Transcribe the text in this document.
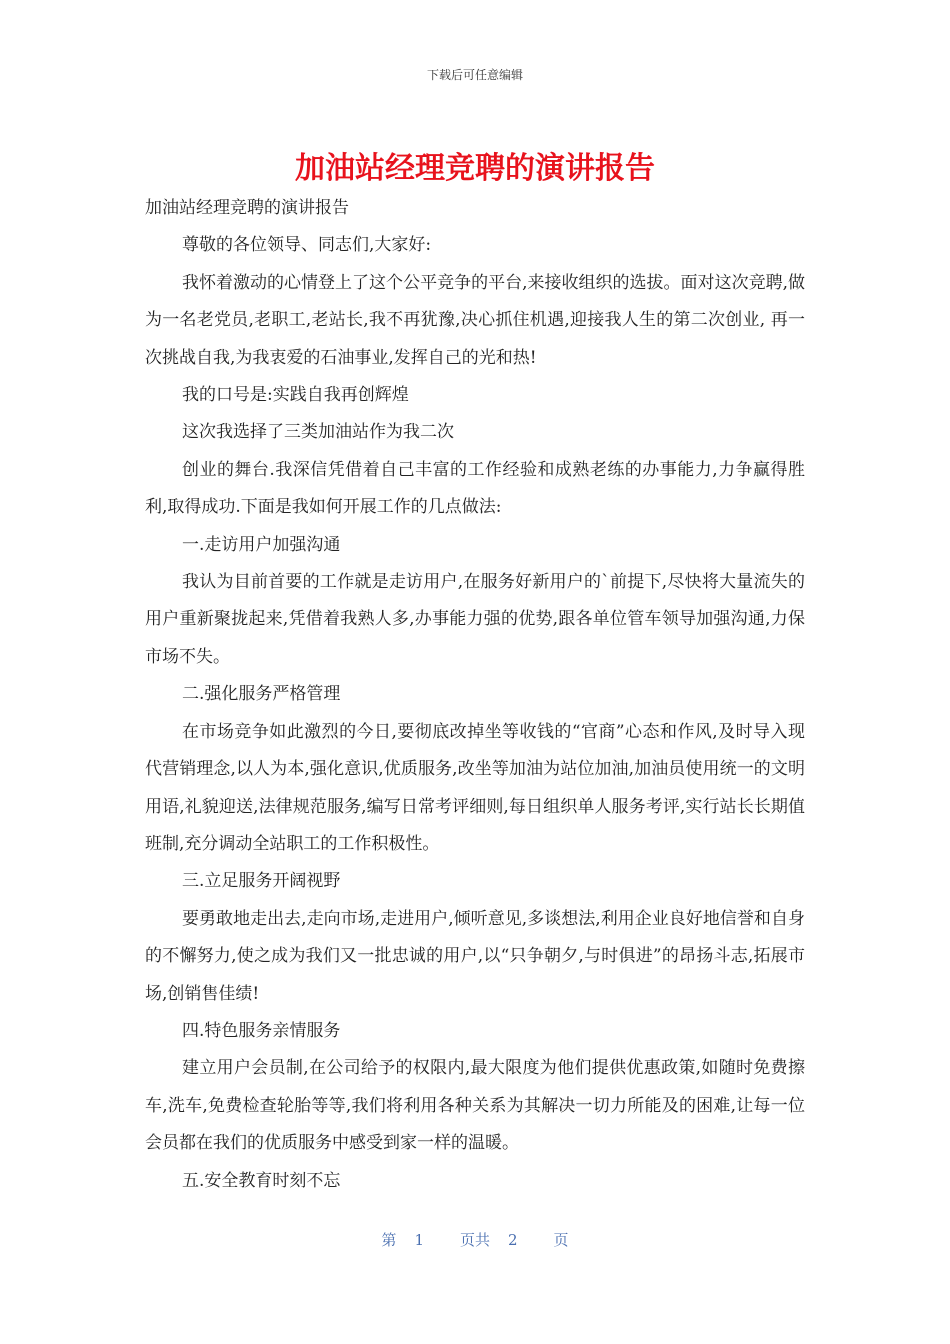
下载后可任意编辑
加油站经理竞聘的演讲报告

加油站经理竞聘的演讲报告

尊敬的各位领导、同志们,大家好:

我怀着激动的心情登上了这个公平竞争的平台,来接收组织的选拔。面对这次竞聘,做为一名老党员,老职工,老站长,我不再犹豫,决心抓住机遇,迎接我人生的第二次创业, 再一次挑战自我,为我衷爱的石油事业,发挥自己的光和热!

我的口号是:实践自我再创辉煌

这次我选择了三类加油站作为我二次

创业的舞台.我深信凭借着自己丰富的工作经验和成熟老练的办事能力,力争赢得胜利,取得成功.下面是我如何开展工作的几点做法:

一.走访用户加强沟通

我认为目前首要的工作就是走访用户,在服务好新用户的`前提下,尽快将大量流失的用户重新聚拢起来,凭借着我熟人多,办事能力强的优势,跟各单位管车领导加强沟通,力保市场不失。

二.强化服务严格管理

在市场竞争如此激烈的今日,要彻底改掉坐等收钱的“官商”心态和作风,及时导入现代营销理念,以人为本,强化意识,优质服务,改坐等加油为站位加油,加油员使用统一的文明用语,礼貌迎送,法律规范服务,编写日常考评细则,每日组织单人服务考评,实行站长长期值班制,充分调动全站职工的工作积极性。

三.立足服务开阔视野

要勇敢地走出去,走向市场,走进用户,倾听意见,多谈想法,利用企业良好地信誉和自身的不懈努力,使之成为我们又一批忠诚的用户,以“只争朝夕,与时俱进”的昂扬斗志,拓展市场,创销售佳绩!

四.特色服务亲情服务

建立用户会员制,在公司给予的权限内,最大限度为他们提供优惠政策,如随时免费擦车,洗车,免费检查轮胎等等,我们将利用各种关系为其解决一切力所能及的困难,让每一位会员都在我们的优质服务中感受到家一样的温暖。

五.安全教育时刻不忘

第 1 页共 2 页
